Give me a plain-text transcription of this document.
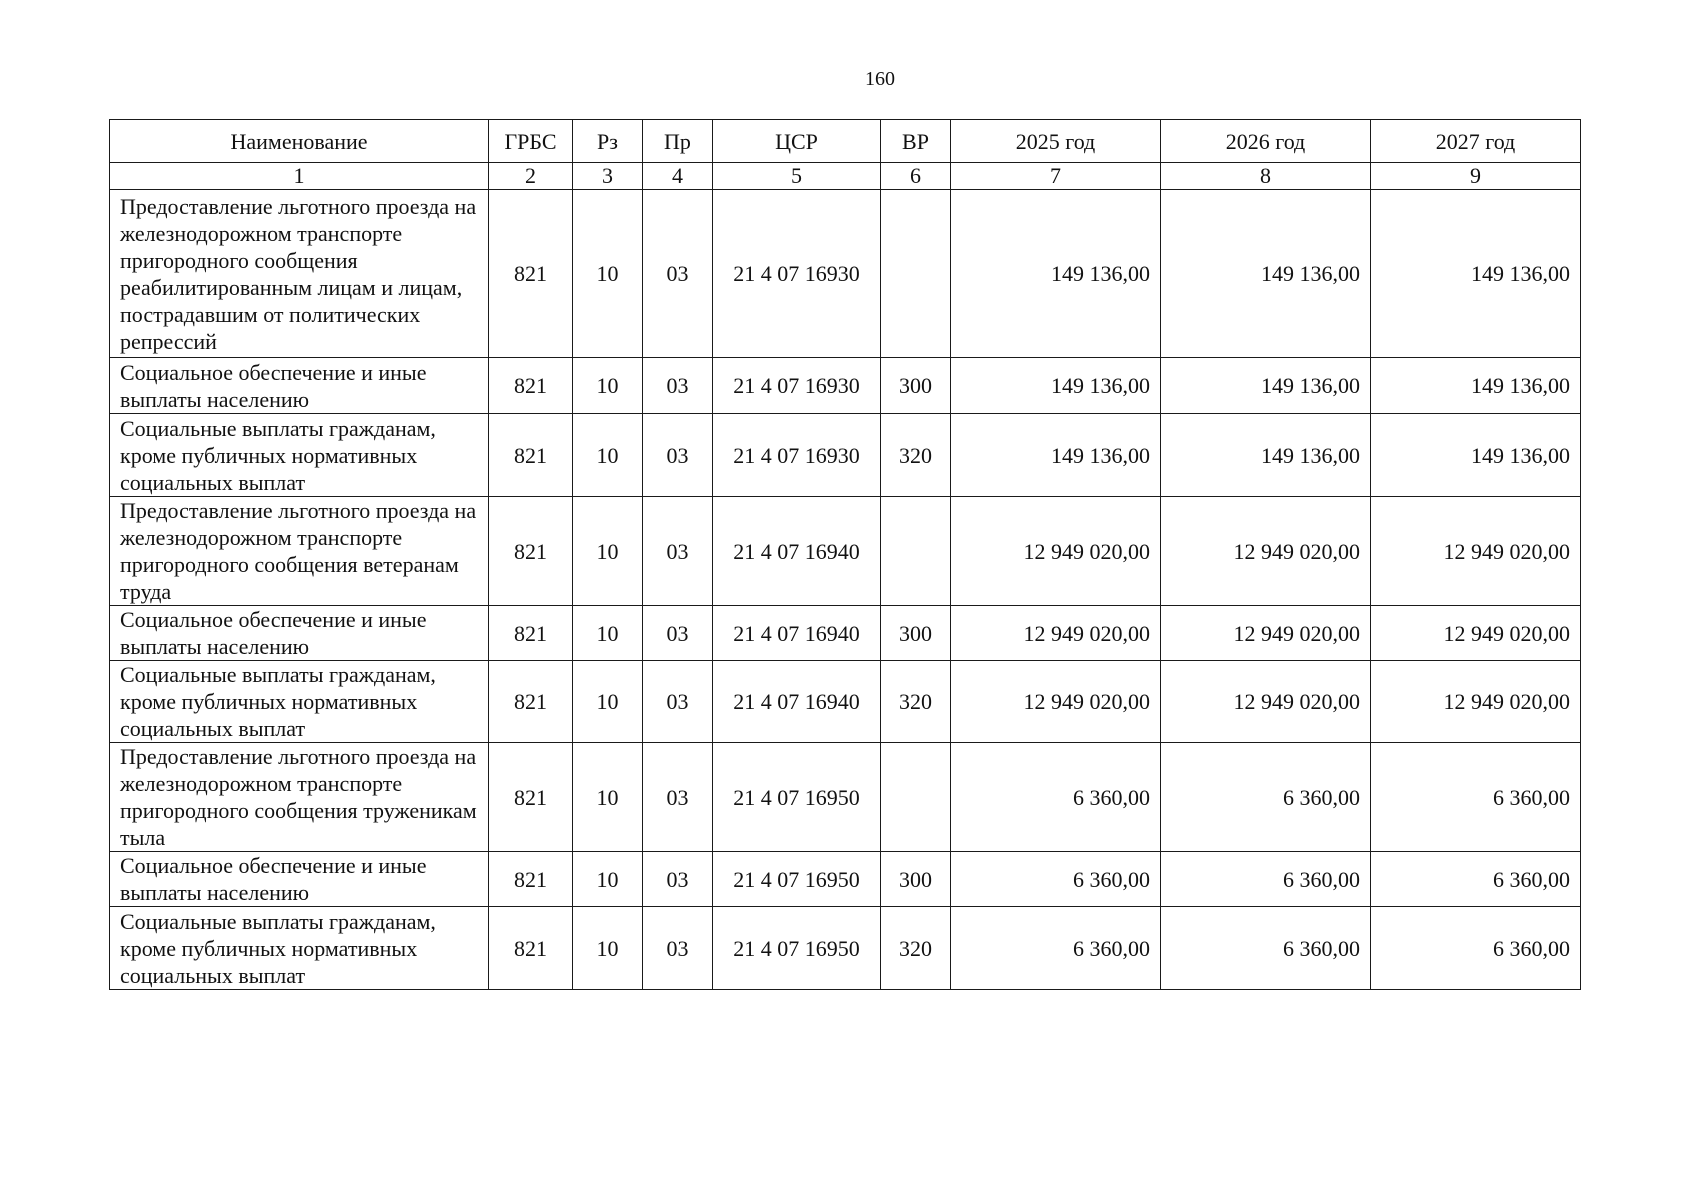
160
Наименование	ГРБС	Рз	Пр	ЦСР	ВР	2025 год	2026 год	2027 год
1	2	3	4	5	6	7	8	9
Предоставление льготного проезда на железнодорожном транспорте пригородного сообщения реабилитированным лицам и лицам, пострадавшим от политических репрессий	821	10	03	21 4 07 16930		149 136,00	149 136,00	149 136,00
Социальное обеспечение и иные выплаты населению	821	10	03	21 4 07 16930	300	149 136,00	149 136,00	149 136,00
Социальные выплаты гражданам, кроме публичных нормативных социальных выплат	821	10	03	21 4 07 16930	320	149 136,00	149 136,00	149 136,00
Предоставление льготного проезда на железнодорожном транспорте пригородного сообщения ветеранам труда	821	10	03	21 4 07 16940		12 949 020,00	12 949 020,00	12 949 020,00
Социальное обеспечение и иные выплаты населению	821	10	03	21 4 07 16940	300	12 949 020,00	12 949 020,00	12 949 020,00
Социальные выплаты гражданам, кроме публичных нормативных социальных выплат	821	10	03	21 4 07 16940	320	12 949 020,00	12 949 020,00	12 949 020,00
Предоставление льготного проезда на железнодорожном транспорте пригородного сообщения труженикам тыла	821	10	03	21 4 07 16950		6 360,00	6 360,00	6 360,00
Социальное обеспечение и иные выплаты населению	821	10	03	21 4 07 16950	300	6 360,00	6 360,00	6 360,00
Социальные выплаты гражданам, кроме публичных нормативных социальных выплат	821	10	03	21 4 07 16950	320	6 360,00	6 360,00	6 360,00
